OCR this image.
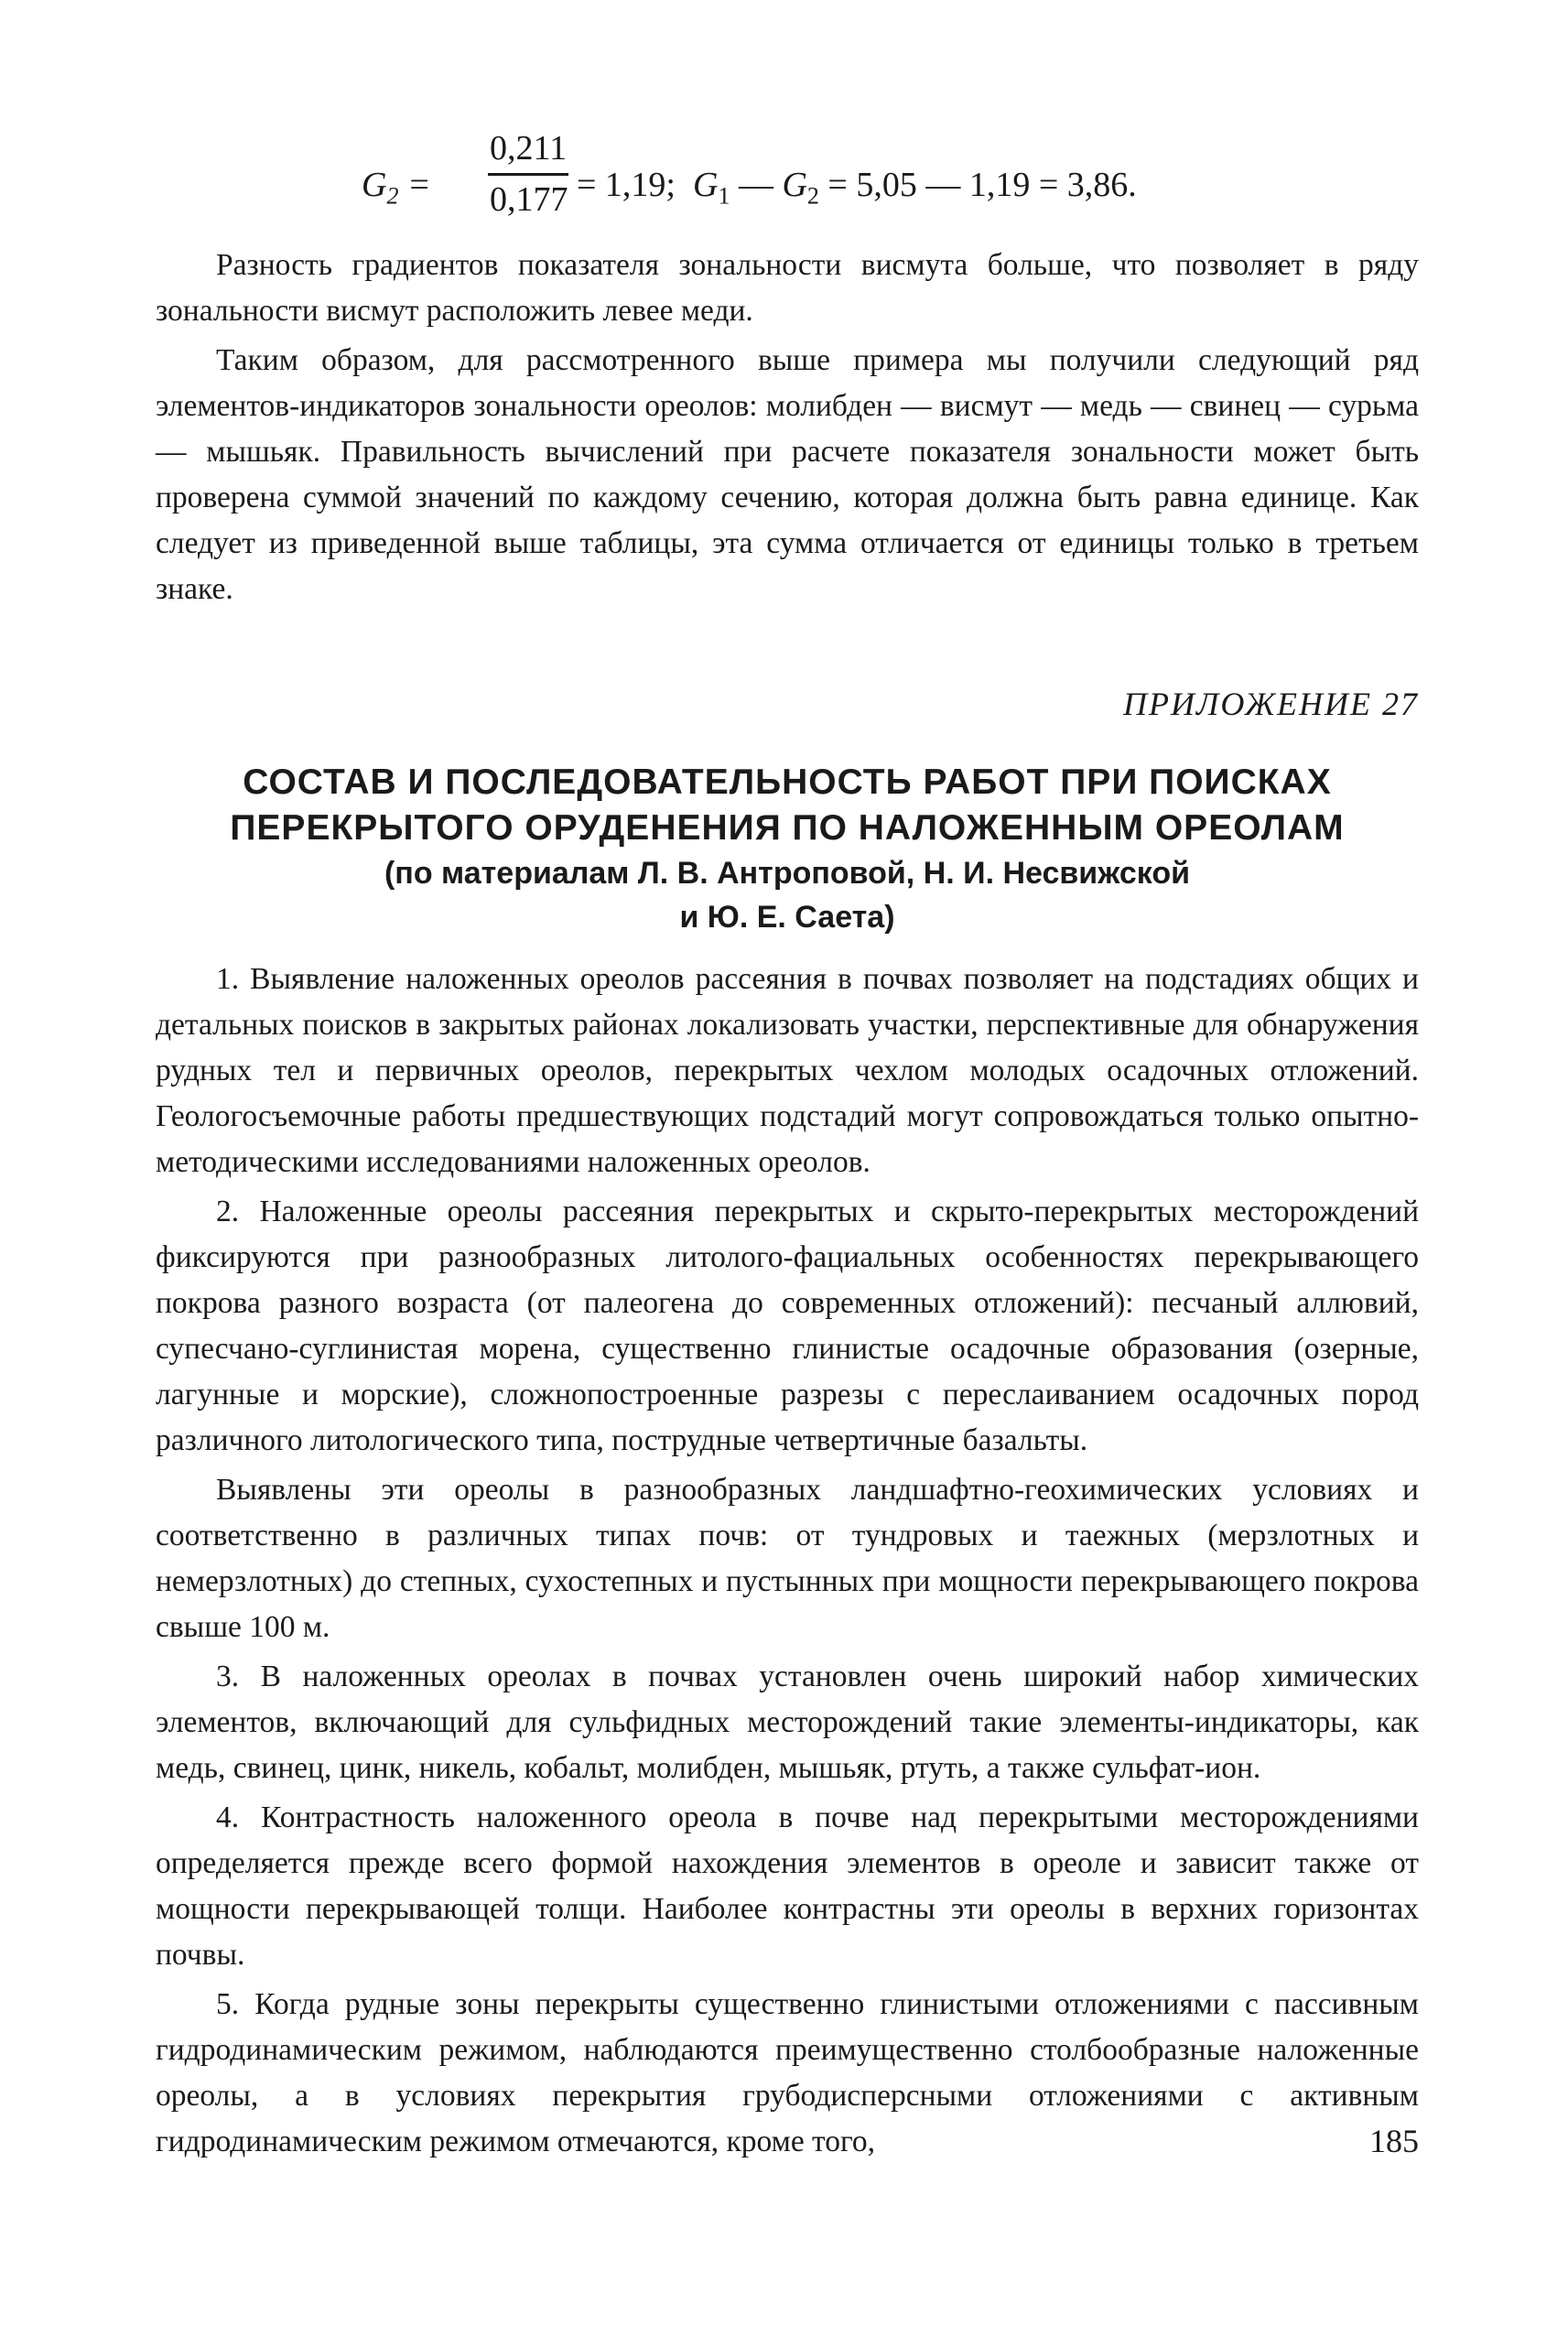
$G_2$ =
0,211
0,177 = 1,19; $G_1$ — $G_2 = 5,05$ — 1,19 = 3,86.

Разность градиентов показателя зональности висмута больше, что позволяет в ряду зональности висмут расположить левее меди.

Таким образом, для рассмотренного выше примера мы получили следующий ряд элементов-индикаторов зональности ореолов: молибден — висмут — медь — свинец — сурьма — мышьяк. Правильность вычислений при расчете показателя зональности может быть проверена суммой значений по каждому сечению, которая должна быть равна единице. Как следует из приведенной выше таблицы, эта сумма отличается от единицы только в третьем знаке.

ПРИЛОЖЕНИЕ 27
СОСТАВ И ПОСЛЕДОВАТЕЛЬНОСТЬ РАБОТ ПРИ ПОИСКАХ
ПЕРЕКРЫТОГО ОРУДЕНЕНИЯ ПО НАЛОЖЕННЫМ ОРЕОЛАМ
(по материалам Л. В. Антроповой, Н. И. Несвижской
и Ю. Е. Саета)

1. Выявление наложенных ореолов рассеяния в почвах позволяет на подстадиях общих и детальных поисков в закрытых районах локализовать участки, перспективные для обнаружения рудных тел и первичных ореолов, перекрытых чехлом молодых осадочных отложений. Геологосъемочные работы предшествующих подстадий могут сопровождаться только опытно-методическими исследованиями наложенных ореолов.

2. Наложенные ореолы рассеяния перекрытых и скрыто-перекрытых месторождений фиксируются при разнообразных литолого-фациальных особенностях перекрывающего покрова разного возраста (от палеогена до современных отложений): песчаный аллювий, супесчано-суглинистая морена, существенно глинистые осадочные образования (озерные, лагунные и морские), сложнопостроенные разрезы с переслаиванием осадочных пород различного литологического типа, пострудные четвертичные базальты.

Выявлены эти ореолы в разнообразных ландшафтно-геохимических условиях и соответственно в различных типах почв: от тундровых и таежных (мерзлотных и немерзлотных) до степных, сухостепных и пустынных при мощности перекрывающего покрова свыше 100 м.

3. В наложенных ореолах в почвах установлен очень широкий набор химических элементов, включающий для сульфидных месторождений такие элементы-индикаторы, как медь, свинец, цинк, никель, кобальт, молибден, мышьяк, ртуть, а также сульфат-ион.

4. Контрастность наложенного ореола в почве над перекрытыми месторождениями определяется прежде всего формой нахождения элементов в ореоле и зависит также от мощности перекрывающей толщи. Наиболее контрастны эти ореолы в верхних горизонтах почвы.

5. Когда рудные зоны перекрыты существенно глинистыми отложениями с пассивным гидродинамическим режимом, наблюдаются преимущественно столбообразные наложенные ореолы, а в условиях перекрытия грубодисперсными отложениями с активным гидродинамическим режимом отмечаются, кроме того,	185
